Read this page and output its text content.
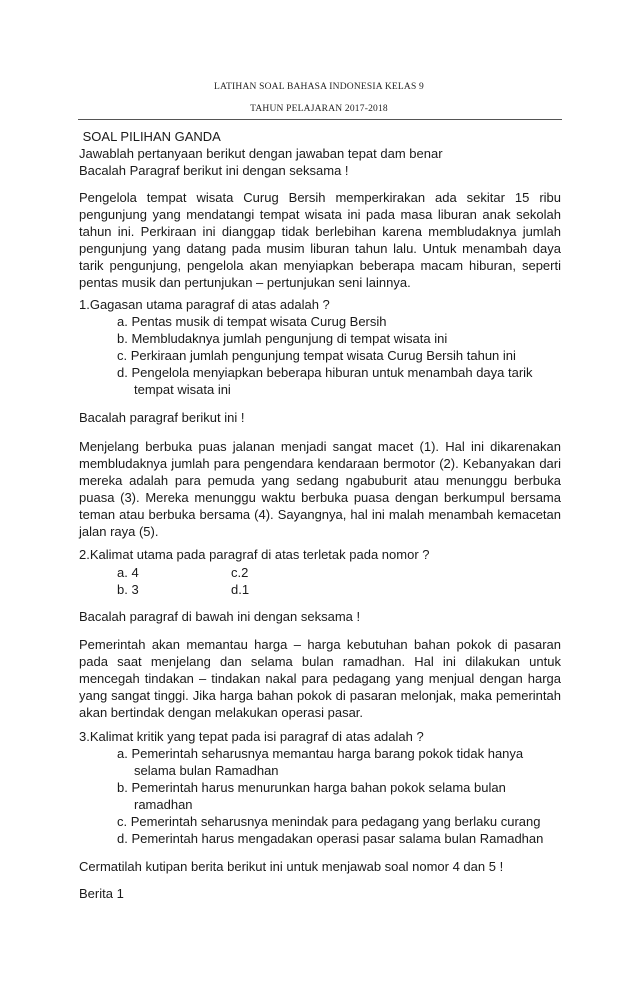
LATIHAN SOAL BAHASA INDONESIA KELAS 9
TAHUN PELAJARAN 2017-2018
SOAL PILIHAN GANDA
Jawablah pertanyaan berikut dengan jawaban tepat dam benar
Bacalah Paragraf berikut ini dengan seksama !
Pengelola tempat wisata Curug Bersih memperkirakan ada sekitar 15 ribu pengunjung yang mendatangi tempat wisata ini pada masa liburan anak sekolah tahun ini. Perkiraan ini dianggap tidak berlebihan karena membludaknya jumlah pengunjung yang datang pada musim liburan tahun lalu. Untuk menambah daya tarik pengunjung, pengelola akan menyiapkan beberapa macam hiburan, seperti pentas musik dan pertunjukan – pertunjukan seni lainnya.
1.Gagasan utama paragraf di atas adalah ?
a. Pentas musik di tempat wisata Curug Bersih
b. Membludaknya jumlah pengunjung di tempat wisata ini
c. Perkiraan jumlah pengunjung tempat wisata Curug Bersih tahun ini
d. Pengelola menyiapkan beberapa hiburan untuk menambah daya tarik
tempat wisata ini
Bacalah paragraf berikut ini !
Menjelang berbuka puas jalanan menjadi sangat macet (1). Hal ini dikarenakan membludaknya jumlah para pengendara kendaraan bermotor (2). Kebanyakan dari mereka adalah para pemuda yang sedang ngabuburit atau menunggu berbuka puasa (3). Mereka menunggu waktu berbuka puasa dengan berkumpul bersama teman atau berbuka bersama (4). Sayangnya, hal ini malah menambah kemacetan jalan raya (5).
2.Kalimat utama pada paragraf di atas terletak pada nomor ?
a. 4	c.2
b. 3	d.1
Bacalah paragraf di bawah ini dengan seksama !
Pemerintah akan memantau harga – harga kebutuhan bahan pokok di pasaran pada saat menjelang dan selama bulan ramadhan. Hal ini dilakukan untuk mencegah tindakan – tindakan nakal para pedagang yang menjual dengan harga yang sangat tinggi. Jika harga bahan pokok di pasaran melonjak, maka pemerintah akan bertindak dengan melakukan operasi pasar.
3.Kalimat kritik yang tepat pada isi paragraf di atas adalah ?
a. Pemerintah seharusnya memantau harga barang pokok tidak hanya
selama bulan Ramadhan
b. Pemerintah harus menurunkan harga bahan pokok selama bulan
ramadhan
c. Pemerintah seharusnya menindak para pedagang yang berlaku curang
d. Pemerintah harus mengadakan operasi pasar salama bulan Ramadhan
Cermatilah kutipan berita berikut ini untuk menjawab soal nomor 4 dan 5 !
Berita 1
